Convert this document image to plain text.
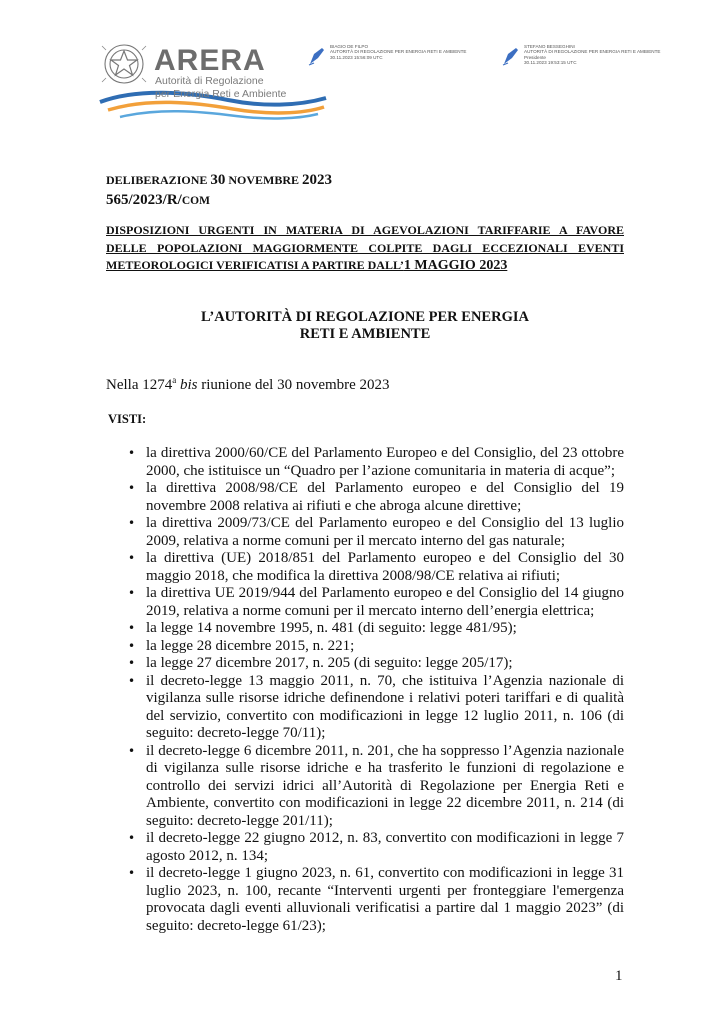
ARERA
Autorità di Regolazione
per Energia Reti e Ambiente
BIAGIO DE FILPO
AUTORITÀ DI REGOLAZIONE PER ENERGIA RETI E AMBIENTE
30.11.2023 15:56:09 UTC
STEFANO BESSEGHINI
AUTORITÀ DI REGOLAZIONE PER ENERGIA RETI E AMBIENTE
Presidente
30.11.2023 19:53:15 UTC
DELIBERAZIONE 30 NOVEMBRE 2023
565/2023/R/COM
DISPOSIZIONI URGENTI IN MATERIA DI AGEVOLAZIONI TARIFFARIE A FAVORE
DELLE POPOLAZIONI MAGGIORMENTE COLPITE DAGLI ECCEZIONALI EVENTI
METEOROLOGICI VERIFICATISI A PARTIRE DALL’1 MAGGIO 2023
L’AUTORITÀ DI REGOLAZIONE PER ENERGIA
RETI E AMBIENTE
Nella 1274$^a$ bis riunione del 30 novembre 2023
VISTI:
• la direttiva 2000/60/CE del Parlamento Europeo e del Consiglio, del 23 ottobre 2000, che istituisce un “Quadro per l’azione comunitaria in materia di acque”;
• la direttiva 2008/98/CE del Parlamento europeo e del Consiglio del 19 novembre 2008 relativa ai rifiuti e che abroga alcune direttive;
• la direttiva 2009/73/CE del Parlamento europeo e del Consiglio del 13 luglio 2009, relativa a norme comuni per il mercato interno del gas naturale;
• la direttiva (UE) 2018/851 del Parlamento europeo e del Consiglio del 30 maggio 2018, che modifica la direttiva 2008/98/CE relativa ai rifiuti;
• la direttiva UE 2019/944 del Parlamento europeo e del Consiglio del 14 giugno 2019, relativa a norme comuni per il mercato interno dell’energia elettrica;
• la legge 14 novembre 1995, n. 481 (di seguito: legge 481/95);
• la legge 28 dicembre 2015, n. 221;
• la legge 27 dicembre 2017, n. 205 (di seguito: legge 205/17);
• il decreto-legge 13 maggio 2011, n. 70, che istituiva l’Agenzia nazionale di vigilanza sulle risorse idriche definendone i relativi poteri tariffari e di qualità del servizio, convertito con modificazioni in legge 12 luglio 2011, n. 106 (di seguito: decreto-legge 70/11);
• il decreto-legge 6 dicembre 2011, n. 201, che ha soppresso l’Agenzia nazionale di vigilanza sulle risorse idriche e ha trasferito le funzioni di regolazione e controllo dei servizi idrici all’Autorità di Regolazione per Energia Reti e Ambiente, convertito con modificazioni in legge 22 dicembre 2011, n. 214 (di seguito: decreto-legge 201/11);
• il decreto-legge 22 giugno 2012, n. 83, convertito con modificazioni in legge 7 agosto 2012, n. 134;
• il decreto-legge 1 giugno 2023, n. 61, convertito con modificazioni in legge 31 luglio 2023, n. 100, recante “Interventi urgenti per fronteggiare l'emergenza provocata dagli eventi alluvionali verificatisi a partire dal 1 maggio 2023” (di seguito: decreto-legge 61/23);
1
